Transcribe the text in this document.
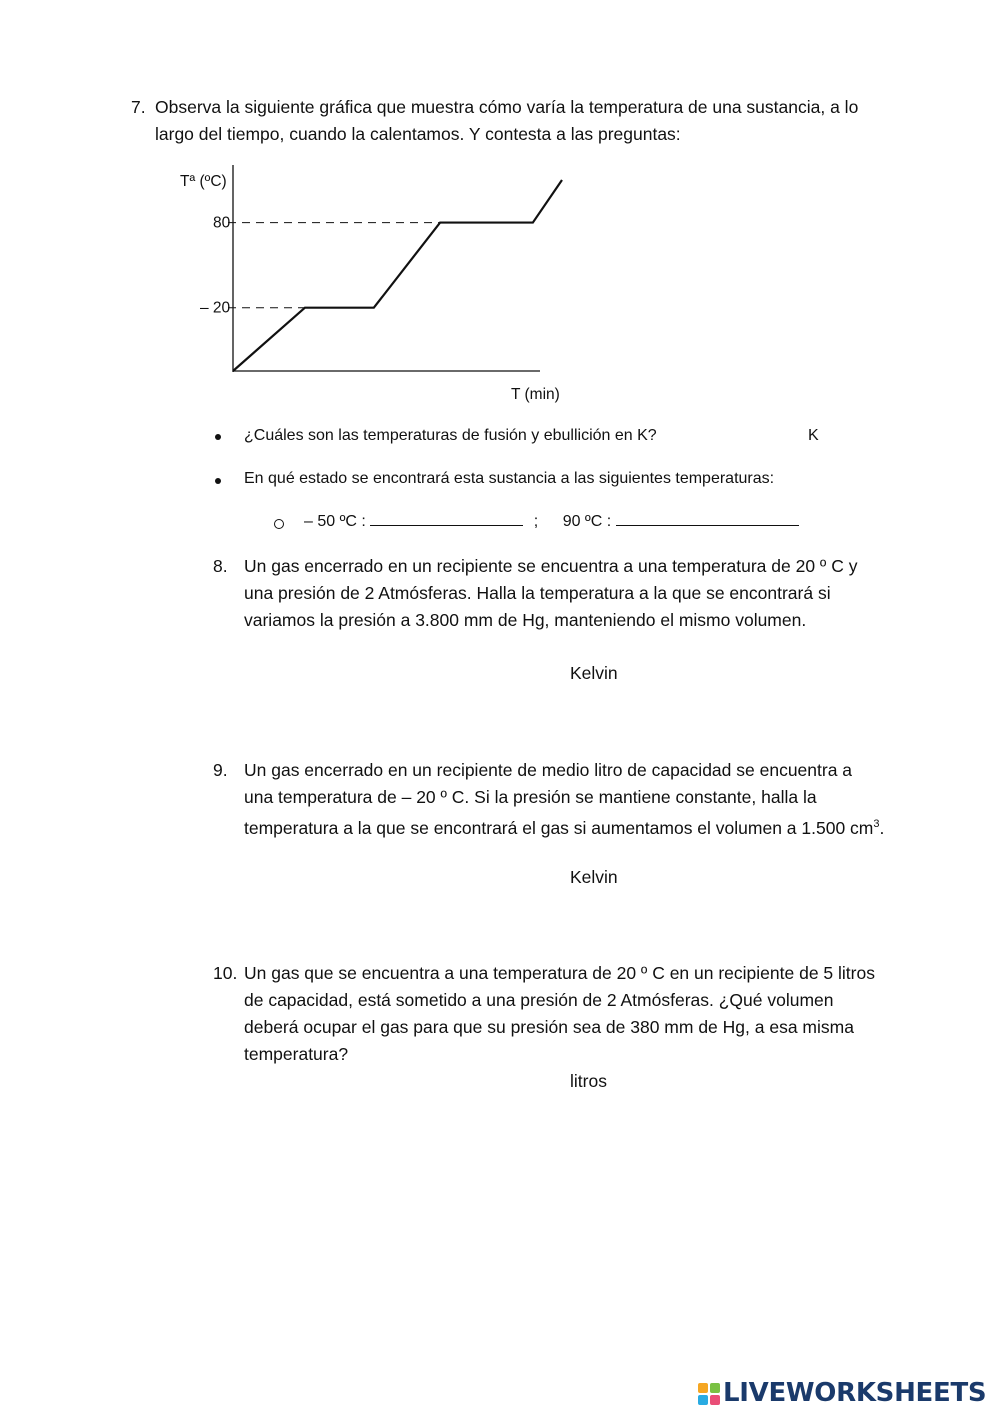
7. Observa la siguiente gráfica que muestra cómo varía la temperatura de una sustancia, a lo
largo del tiempo, cuando la calentamos. Y contesta a las preguntas:
Tª (ºC)
T (min)
80
– 20
¿Cuáles son las temperaturas de fusión y ebullición en K?	K
En qué estado se encontrará esta sustancia a las siguientes temperaturas:
– 50 ºC :	; 90 ºC :
8. Un gas encerrado en un recipiente se encuentra a una temperatura de 20 º C y
una presión de 2 Atmósferas. Halla la temperatura a la que se encontrará si
variamos la presión a 3.800 mm de Hg, manteniendo el mismo volumen.
Kelvin
9. Un gas encerrado en un recipiente de medio litro de capacidad se encuentra a
una temperatura de – 20 º C. Si la presión se mantiene constante, halla la
temperatura a la que se encontrará el gas si aumentamos el volumen a 1.500 $cm^3$.
Kelvin
10. Un gas que se encuentra a una temperatura de 20 º C en un recipiente de 5 litros
de capacidad, está sometido a una presión de 2 Atmósferas. ¿Qué volumen
deberá ocupar el gas para que su presión sea de 380 mm de Hg, a esa misma
temperatura?
litros
LIVEWORKSHEETS
